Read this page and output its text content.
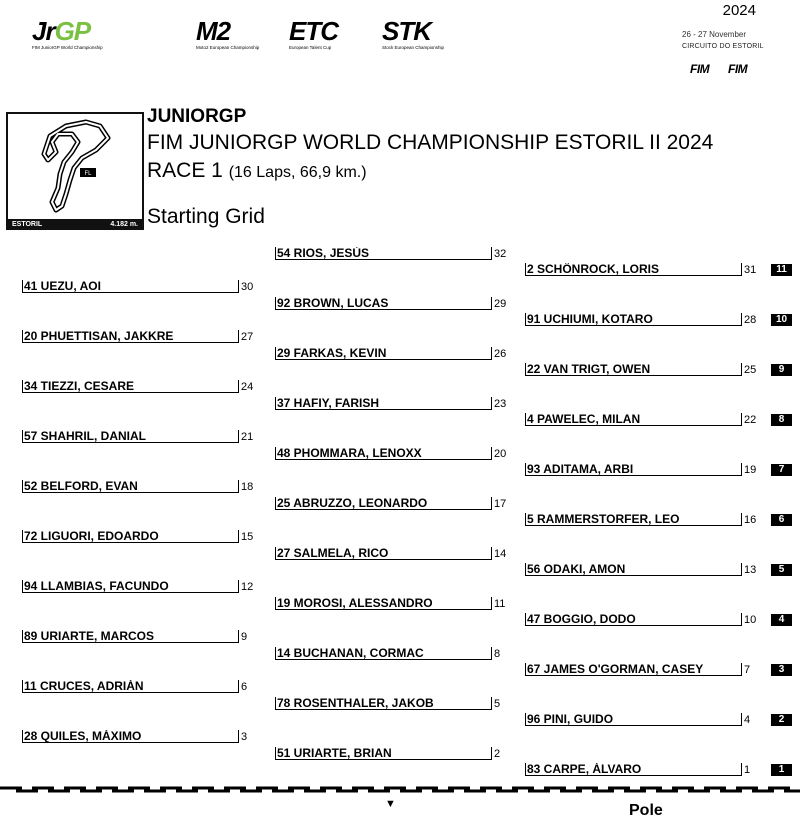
JrGP
FIM JuniorGP World Championship
M2
Moto2 European Championship
ETC
European Talent Cup
STK
Stock European Championship
2024
26 - 27 November
CIRCUITO DO ESTORIL
FIM FIM
FL
ESTORIL	4.182 m.
JUNIORGP
FIM JUNIORGP WORLD CHAMPIONSHIP ESTORIL II 2024
RACE 1 (16 Laps, 66,9 km.)
Starting Grid
41 UEZU, AOI	30
20 PHUETTISAN, JAKKRE	27
34 TIEZZI, CESARE	24
57 SHAHRIL, DANIAL	21
52 BELFORD, EVAN	18
72 LIGUORI, EDOARDO	15
94 LLAMBIAS, FACUNDO	12
89 URIARTE, MARCOS	9
11 CRUCES, ADRIÁN	6
28 QUILES, MÁXIMO	3
54 RIOS, JESÚS	32
92 BROWN, LUCAS	29
29 FARKAS, KEVIN	26
37 HAFIY, FARISH	23
48 PHOMMARA, LENOXX	20
25 ABRUZZO, LEONARDO	17
27 SALMELA, RICO	14
19 MOROSI, ALESSANDRO	11
14 BUCHANAN, CORMAC	8
78 ROSENTHALER, JAKOB	5
51 URIARTE, BRIAN	2
2 SCHÖNROCK, LORIS	31	11
91 UCHIUMI, KOTARO	28	10
22 VAN TRIGT, OWEN	25	9
4 PAWELEC, MILAN	22	8
93 ADITAMA, ARBI	19	7
5 RAMMERSTORFER, LEO	16	6
56 ODAKI, AMON	13	5
47 BOGGIO, DODO	10	4
67 JAMES O'GORMAN, CASEY	7	3
96 PINI, GUIDO	4	2
83 CARPE, ÁLVARO	1	1
▼	Pole
